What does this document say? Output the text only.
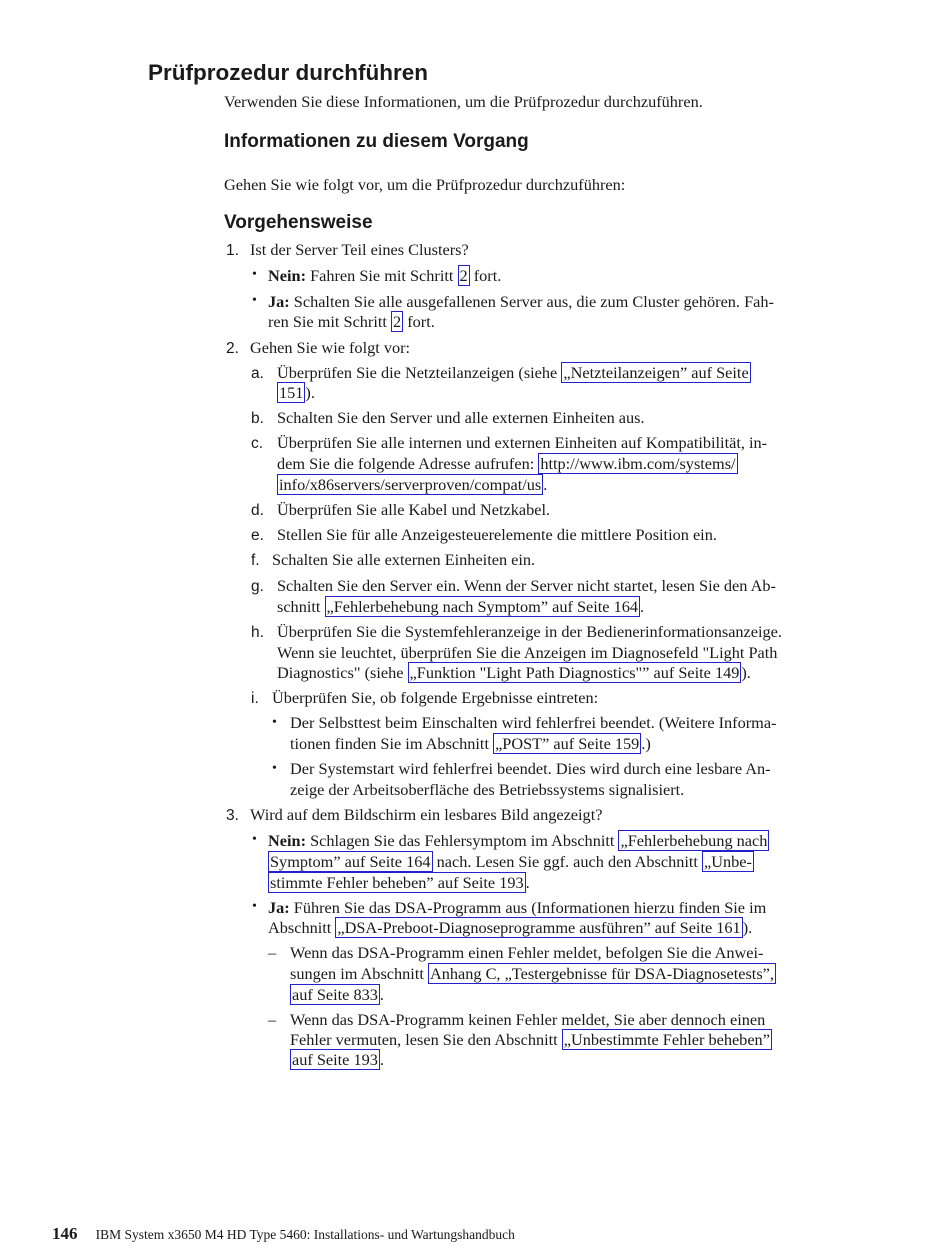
Prüfprozedur durchführen

Verwenden Sie diese Informationen, um die Prüfprozedur durchzuführen.

Informationen zu diesem Vorgang

Gehen Sie wie folgt vor, um die Prüfprozedur durchzuführen:

Vorgehensweise
1. Ist der Server Teil eines Clusters?
• Nein: Fahren Sie mit Schritt 2 fort.
• Ja: Schalten Sie alle ausgefallenen Server aus, die zum Cluster gehören. Fah-
ren Sie mit Schritt 2 fort.
2. Gehen Sie wie folgt vor:
a. Überprüfen Sie die Netzteilanzeigen (siehe „Netzteilanzeigen” auf Seite
151 ).
b. Schalten Sie den Server und alle externen Einheiten aus.
c. Überprüfen Sie alle internen und externen Einheiten auf Kompatibilität, in-
dem Sie die folgende Adresse aufrufen: http://www.ibm.com/systems/
info/x86servers/serverproven/compat/us .
d. Überprüfen Sie alle Kabel und Netzkabel.
e. Stellen Sie für alle Anzeigesteuerelemente die mittlere Position ein.
f. Schalten Sie alle externen Einheiten ein.
g. Schalten Sie den Server ein. Wenn der Server nicht startet, lesen Sie den Ab-
schnitt „Fehlerbehebung nach Symptom” auf Seite 164 .
h. Überprüfen Sie die Systemfehleranzeige in der Bedienerinformationsanzeige.
Wenn sie leuchtet, überprüfen Sie die Anzeigen im Diagnosefeld "Light Path
Diagnostics" (siehe „Funktion "Light Path Diagnostics"” auf Seite 149 ).
i. Überprüfen Sie, ob folgende Ergebnisse eintreten:
• Der Selbsttest beim Einschalten wird fehlerfrei beendet. (Weitere Informa-
tionen finden Sie im Abschnitt „POST” auf Seite 159 .)
• Der Systemstart wird fehlerfrei beendet. Dies wird durch eine lesbare An-
zeige der Arbeitsoberfläche des Betriebssystems signalisiert.
3. Wird auf dem Bildschirm ein lesbares Bild angezeigt?
• Nein: Schlagen Sie das Fehlersymptom im Abschnitt „Fehlerbehebung nach
Symptom” auf Seite 164 nach. Lesen Sie ggf. auch den Abschnitt „Unbe-
stimmte Fehler beheben” auf Seite 193 .
• Ja: Führen Sie das DSA-Programm aus (Informationen hierzu finden Sie im
Abschnitt „DSA-Preboot-Diagnoseprogramme ausführen” auf Seite 161 ).
– Wenn das DSA-Programm einen Fehler meldet, befolgen Sie die Anwei-
sungen im Abschnitt Anhang C, „Testergebnisse für DSA-Diagnosetests”,
auf Seite 833 .
– Wenn das DSA-Programm keinen Fehler meldet, Sie aber dennoch einen
Fehler vermuten, lesen Sie den Abschnitt „Unbestimmte Fehler beheben”
auf Seite 193 .
146 IBM System x3650 M4 HD Type 5460: Installations- und Wartungshandbuch
